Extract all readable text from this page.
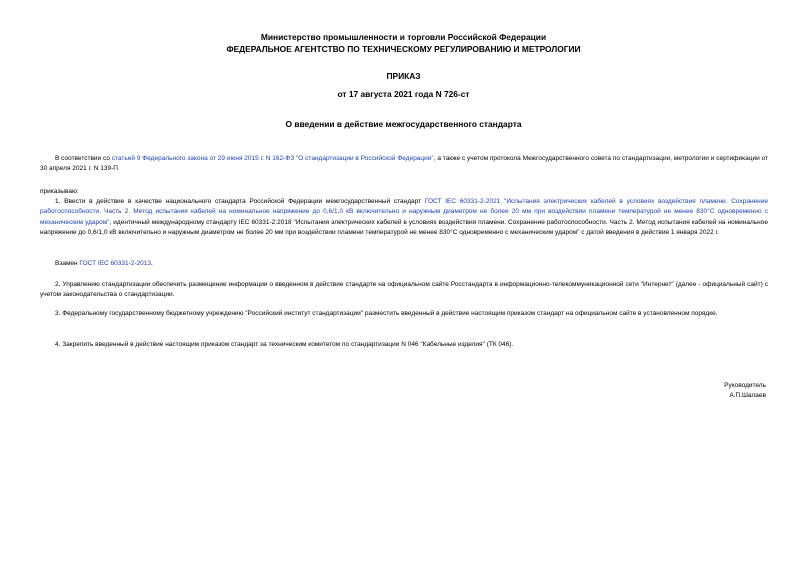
Министерство промышленности и торговли Российской Федерации
ФЕДЕРАЛЬНОЕ АГЕНТСТВО ПО ТЕХНИЧЕСКОМУ РЕГУЛИРОВАНИЮ И МЕТРОЛОГИИ
ПРИКАЗ
от 17 августа 2021 года N 726-ст
О введении в действие межгосударственного стандарта
В соответствии со статьей 9 Федерального закона от 29 июня 2015 г. N 162-ФЗ "О стандартизации в Российской Федерации", а также с учетом протокола Межгосударственного совета по стандартизации, метрологии и сертификации от 30 апреля 2021 г. N 139-П
приказываю:
1. Ввести в действие в качестве национального стандарта Российской Федерации межгосударственный стандарт ГОСТ IEC 60331-2-2021 "Испытания электрических кабелей в условиях воздействия пламени. Сохранение работоспособности. Часть 2. Метод испытания кабелей на номинальное напряжение до 0,6/1,0 кВ включительно и наружным диаметром не более 20 мм при воздействии пламени температурой не менее 830°С одновременно с механическим ударом", идентичный международному стандарту IEC 60331-2:2018 "Испытания электрических кабелей в условиях воздействия пламени. Сохранение работоспособности. Часть 2. Метод испытания кабелей на номинальное напряжение до 0,6/1,0 кВ включительно и наружным диаметром не более 20 мм при воздействии пламени температурой не менее 830°С одновременно с механическим ударом" с датой введения в действие 1 января 2022 г.
Взамен ГОСТ IEC 60331-2-2013.
2. Управлению стандартизации обеспечить размещение информации о введенном в действие стандарте на официальном сайте Росстандарта в информационно-телекоммуникационной сети "Интернет" (далее - официальный сайт) с учетом законодательства о стандартизации.
3. Федеральному государственному бюджетному учреждению "Российский институт стандартизации" разместить введенный в действие настоящим приказом стандарт на официальном сайте в установленном порядке.
4. Закрепить введенный в действие настоящим приказом стандарт за техническим комитетом по стандартизации N 046 "Кабельные изделия" (ТК 046).
Руководитель
А.П.Шалаев
